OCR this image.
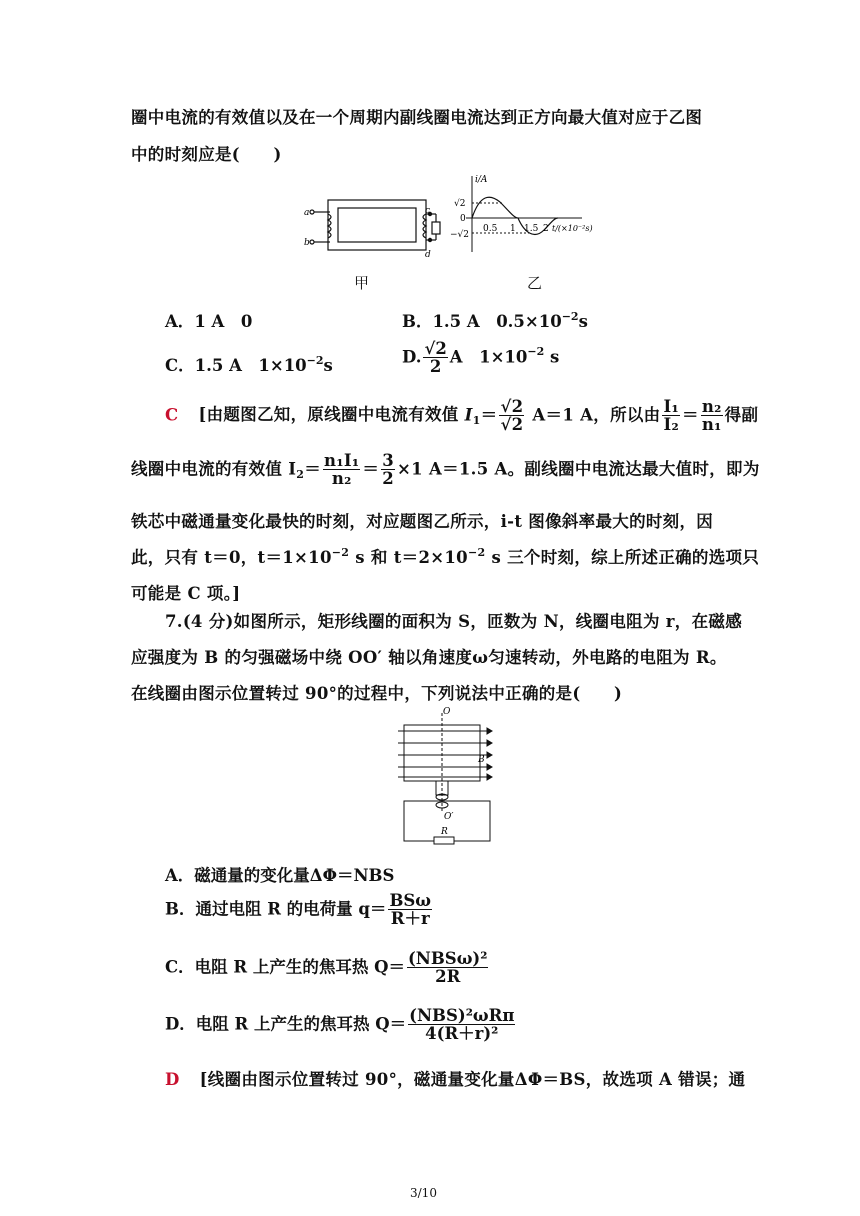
圈中电流的有效值以及在一个周期内副线圈电流达到正方向最大值对应于乙图
中的时刻应是(　　)
a
b
c
d
i/A
√2
0
−√2
0.5 1 1.5 2 t/(×10⁻²s)
甲	乙
A．1 A　0	B．1.5 A　$0.5\times 10^{-2}s$
C．1.5 A　$1\times 10^{-2}s$	D. $\frac{√2}{2}$ A　$1\times 10^{-2}$ s
C [由题图乙知，原线圈中电流有效值 $I_1= \frac{√2}{√2} A=1$ A，所以由 $\frac{\text{I₁}}{\text{I₂}} = \frac{\text{n₂}}{\text{n₁}}$ 得副
线圈中电流的有效值 $I_2= \frac{\text{n₁I₁}}{\text{n₂}} = \frac{3}{2} \times 1$ A＝1.5 A。副线圈中电流达最大值时，即为
铁芯中磁通量变化最快的时刻，对应题图乙所示，i-t 图像斜率最大的时刻，因
此，只有 t＝0，$t=1\times 10^{-2}$ s 和 $t=2\times 10^{-2}$ s 三个时刻，综上所述正确的选项只
可能是 C 项。]
7.(4 分)如图所示，矩形线圈的面积为 S，匝数为 N，线圈电阻为 r，在磁感
应强度为 B 的匀强磁场中绕 OO′ 轴以角速度ω匀速转动，外电路的电阻为 R。
在线圈由图示位置转过 90°的过程中，下列说法中正确的是(　　)
O
B
O′
R
A．磁通量的变化量ΔΦ＝NBS
B．通过电阻 R 的电荷量 $q= \frac{\text{BSω}}{R+r}$
C．电阻 R 上产生的焦耳热 $Q= \frac{\text{(NBSω)²}}{2R}$
D．电阻 R 上产生的焦耳热 $Q= \frac{\text{(NBS)²ωRπ}}{\text{4(R＋r)²}}$
D [线圈由图示位置转过 90°，磁通量变化量ΔΦ＝BS，故选项 A 错误；通
3/10
